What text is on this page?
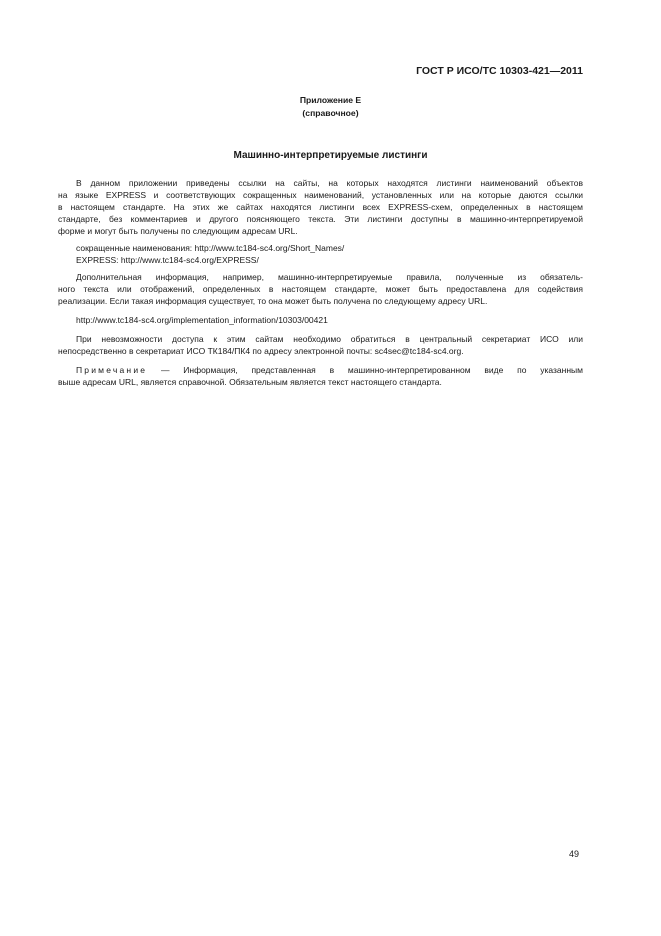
ГОСТ Р ИСО/ТС 10303-421—2011
Приложение Е
(справочное)
Машинно-интерпретируемые листинги
В данном приложении приведены ссылки на сайты, на которых находятся листинги наименований объектов
на языке EXPRESS и соответствующих сокращенных наименований, установленных или на которые даются ссылки
в настоящем стандарте. На этих же сайтах находятся листинги всех EXPRESS-схем, определенных в настоящем
стандарте, без комментариев и другого поясняющего текста. Эти листинги доступны в машинно-интерпретируемой
форме и могут быть получены по следующим адресам URL.
сокращенные наименования: http://www.tc184-sc4.org/Short_Names/
EXPRESS: http://www.tc184-sc4.org/EXPRESS/
Дополнительная информация, например, машинно-интерпретируемые правила, полученные из обязатель-
ного текста или отображений, определенных в настоящем стандарте, может быть предоставлена для содействия
реализации. Если такая информация существует, то она может быть получена по следующему адресу URL.
http://www.tc184-sc4.org/implementation_information/10303/00421
При невозможности доступа к этим сайтам необходимо обратиться в центральный секретариат ИСО или
непосредственно в секретариат ИСО ТК184/ПК4 по адресу электронной почты: sc4sec@tc184-sc4.org.
Примечание — Информация, представленная в машинно-интерпретированном виде по указанным
выше адресам URL, является справочной. Обязательным является текст настоящего стандарта.
49
